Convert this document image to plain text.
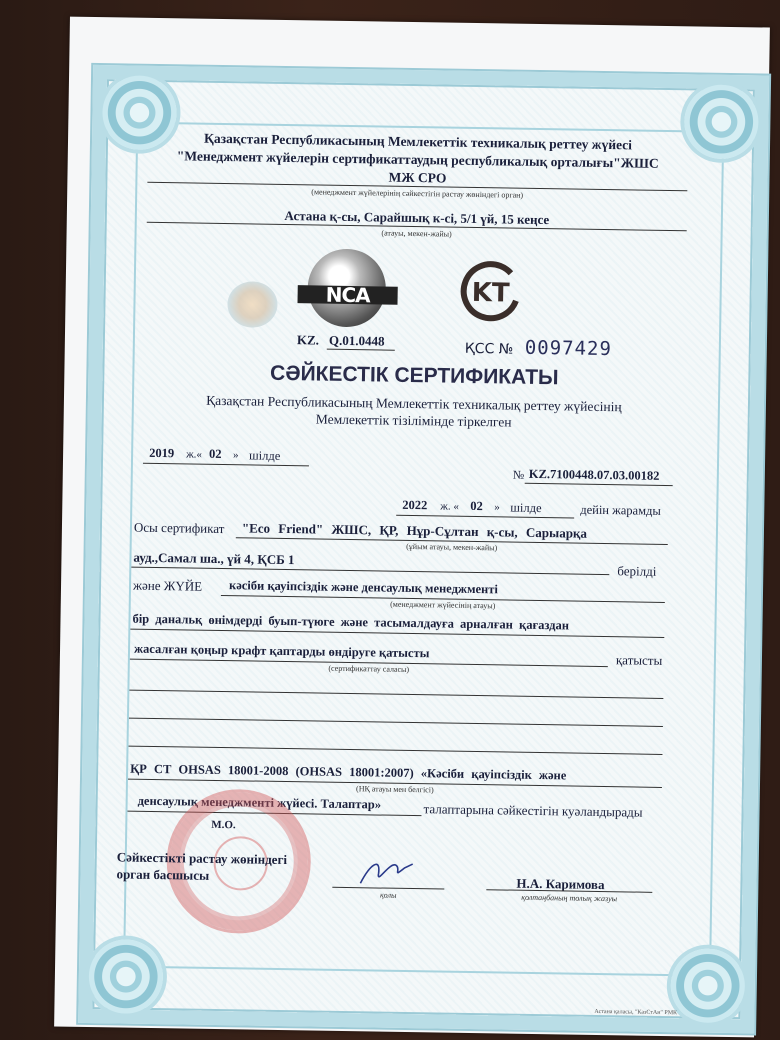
Қазақстан Республикасының Мемлекеттік техникалық реттеу жүйесі
"Менеджмент жүйелерін сертификаттаудың республикалық орталығы"ЖШС
МЖ СРО
(менеджмент жүйелерінің сәйкестігін растау жөніндегі орган)
Астана қ-сы, Сарайшық к-сі, 5/1 үй, 15 кеңсе
(атауы, мекен-жайы)
NCA	KT
KZ. Q.01.0448
ҚСС № 0097429
СӘЙКЕСТІК СЕРТИФИКАТЫ
Қазақстан Республикасының Мемлекеттік техникалық реттеу жүйесінің
Мемлекеттік тізілімінде тіркелген
2019 ж.« 02 » шілде
№ KZ.7100448.07.03.00182
2022 ж. « 02 » шілде	дейін жарамды
Осы сертификат "Eco Friend" ЖШС, ҚР, Нұр-Сұлтан қ-сы, Сарыарқа
(ұйым атауы, мекен-жайы)
ауд.,Самал ша., үй 4, ҚСБ 1
берілді
және ЖҮЙЕ кәсіби қауіпсіздік және денсаулық менеджменті
(менеджмент жүйесінің атауы)
бір данальқ өнімдерді буып-түюге және тасымалдауға арналған қағаздан
жасалған қоңыр крафт қаптарды өндіруге қатысты
(сертификаттау саласы)
қатысты
ҚР СТ OHSAS 18001-2008 (OHSAS 18001:2007) «Кәсіби қауіпсіздік және
(НҚ атауы мен белгісі)
денсаулық менеджменті жүйесі. Талаптар»	талаптарына сәйкестігін куәландырады
М.О.
Сәйкестікті растау жөніндегі
орган басшысы
қолы
Н.А. Каримова
қолтаңбаның толық жазуы
Астана қаласы, "КазСтАн" РМК
